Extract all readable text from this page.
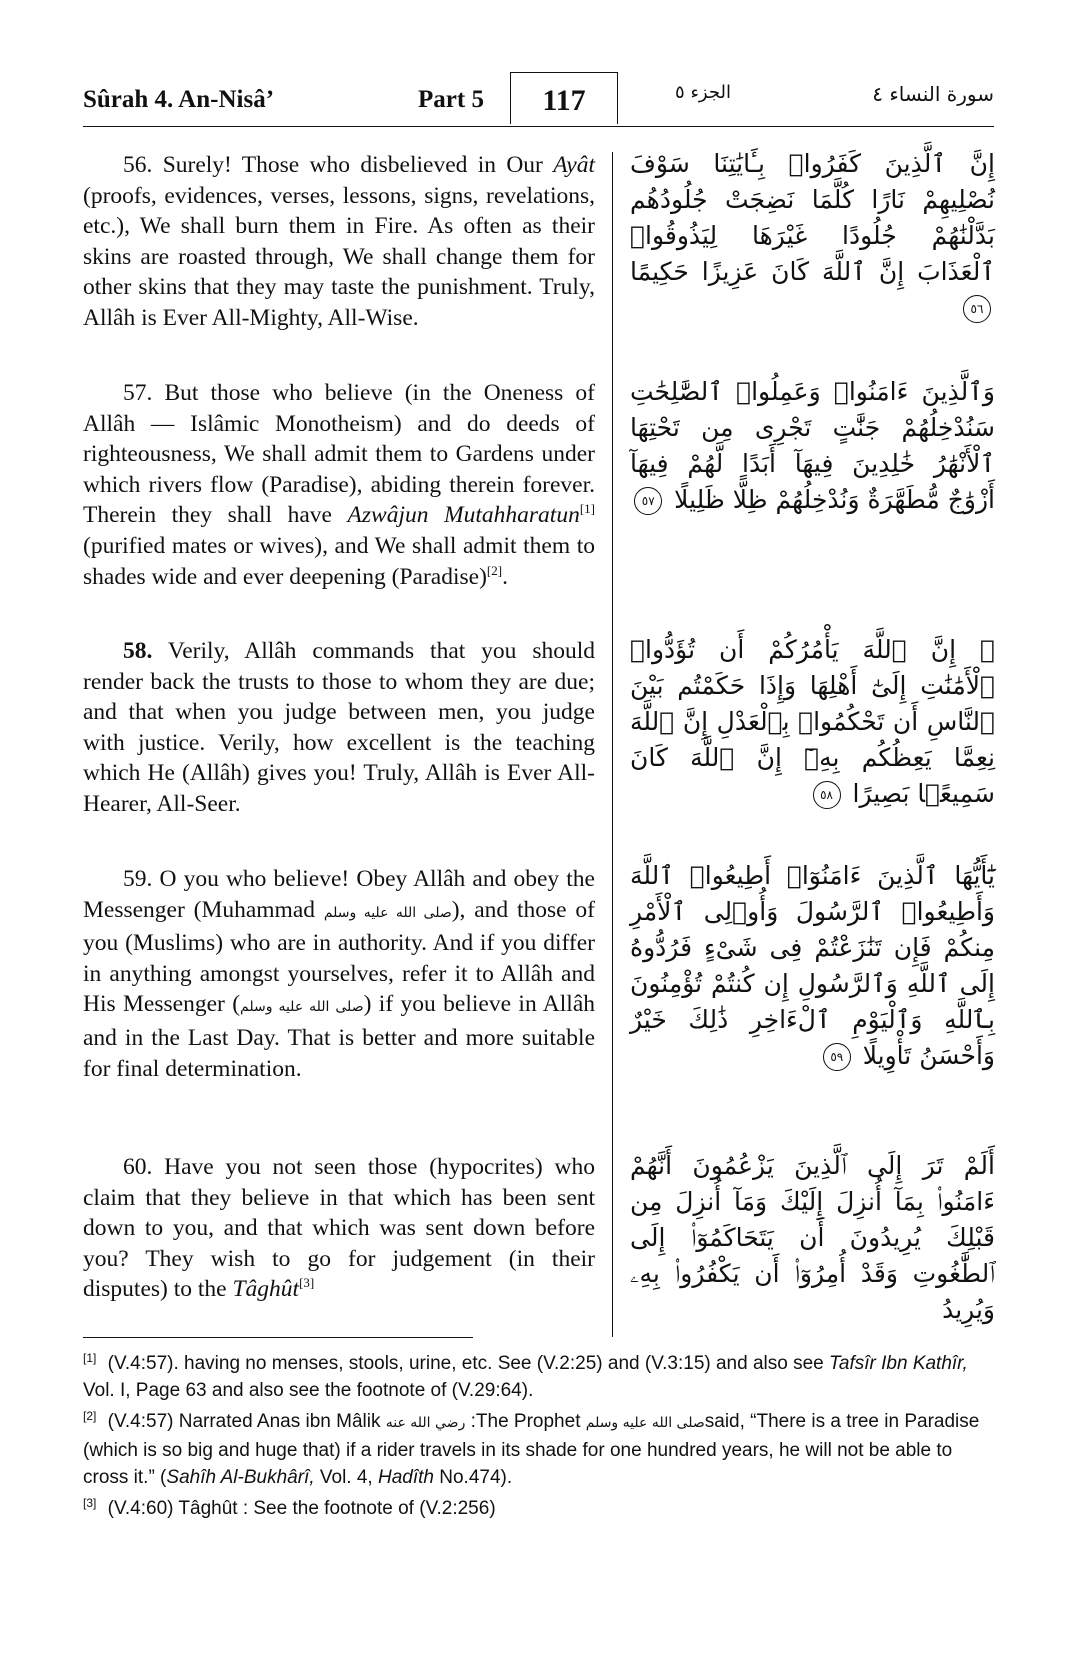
Sûrah 4. An-Nisâ’	Part 5	117	الجزء ٥	سورة النساء ٤
56. Surely! Those who disbelieved in Our Ayât (proofs, evidences, verses, lessons, signs, revelations, etc.), We shall burn them in Fire. As often as their skins are roasted through, We shall change them for other skins that they may taste the punishment. Truly, Allâh is Ever All-Mighty, All-Wise.
57. But those who believe (in the Oneness of Allâh — Islâmic Monotheism) and do deeds of righteousness, We shall admit them to Gardens under which rivers flow (Paradise), abiding therein forever. Therein they shall have Azwâjun Mutahharatun[1] (purified mates or wives), and We shall admit them to shades wide and ever deepening (Paradise)[2].
58. Verily, Allâh commands that you should render back the trusts to those to whom they are due; and that when you judge between men, you judge with justice. Verily, how excellent is the teaching which He (Allâh) gives you! Truly, Allâh is Ever All-Hearer, All-Seer.
59. O you who believe! Obey Allâh and obey the Messenger (Muhammad صلى الله عليه وسلم), and those of you (Muslims) who are in authority. And if you differ in anything amongst yourselves, refer it to Allâh and His Messenger (صلى الله عليه وسلم) if you believe in Allâh and in the Last Day. That is better and more suitable for final determination.
60. Have you not seen those (hypocrites) who claim that they believe in that which has been sent down to you, and that which was sent down before you? They wish to go for judgement (in their disputes) to the Tâghût[3]
إِنَّ ٱلَّذِينَ كَفَرُوا۟ بِـَٔايَٰتِنَا سَوْفَ نُصْلِيهِمْ نَارًا كُلَّمَا نَضِجَتْ جُلُودُهُم بَدَّلْنَٰهُمْ جُلُودًا غَيْرَهَا لِيَذُوقُوا۟ ٱلْعَذَابَ إِنَّ ٱللَّهَ كَانَ عَزِيزًا حَكِيمًا ٥٦
وَٱلَّذِينَ ءَامَنُوا۟ وَعَمِلُوا۟ ٱلصَّٰلِحَٰتِ سَنُدْخِلُهُمْ جَنَّٰتٍ تَجْرِى مِن تَحْتِهَا ٱلْأَنْهَٰرُ خَٰلِدِينَ فِيهَآ أَبَدًا لَّهُمْ فِيهَآ أَزْوَٰجٌ مُّطَهَّرَةٌ وَنُدْخِلُهُمْ ظِلًّا ظَلِيلًا ٥٧
۞ إِنَّ ٱللَّهَ يَأْمُرُكُمْ أَن تُؤَدُّوا۟ ٱلْأَمَٰنَٰتِ إِلَىٰٓ أَهْلِهَا وَإِذَا حَكَمْتُم بَيْنَ ٱلنَّاسِ أَن تَحْكُمُوا۟ بِٱلْعَدْلِ إِنَّ ٱللَّهَ نِعِمَّا يَعِظُكُم بِهِۦٓ إِنَّ ٱللَّهَ كَانَ سَمِيعًۢا بَصِيرًا ٥٨
يَٰٓأَيُّهَا ٱلَّذِينَ ءَامَنُوٓا۟ أَطِيعُوا۟ ٱللَّهَ وَأَطِيعُوا۟ ٱلرَّسُولَ وَأُو۟لِى ٱلْأَمْرِ مِنكُمْ فَإِن تَنَٰزَعْتُمْ فِى شَىْءٍ فَرُدُّوهُ إِلَى ٱللَّهِ وَٱلرَّسُولِ إِن كُنتُمْ تُؤْمِنُونَ بِٱللَّهِ وَٱلْيَوْمِ ٱلْءَاخِرِ ذَٰلِكَ خَيْرٌ وَأَحْسَنُ تَأْوِيلًا ٥٩
أَلَمْ تَرَ إِلَى ٱلَّذِينَ يَزْعُمُونَ أَنَّهُمْ ءَامَنُوا۟ بِمَآ أُنزِلَ إِلَيْكَ وَمَآ أُنزِلَ مِن قَبْلِكَ يُرِيدُونَ أَن يَتَحَاكَمُوٓا۟ إِلَى ٱلطَّٰغُوتِ وَقَدْ أُمِرُوٓا۟ أَن يَكْفُرُوا۟ بِهِۦ وَيُرِيدُ
[1] (V.4:57). having no menses, stools, urine, etc. See (V.2:25) and (V.3:15) and also see Tafsîr Ibn Kathîr, Vol. I, Page 63 and also see the footnote of (V.29:64).
[2] (V.4:57) Narrated Anas ibn Mâlik رضي الله عنه :The Prophet صلى الله عليه وسلمsaid, “There is a tree in Paradise (which is so big and huge that) if a rider travels in its shade for one hundred years, he will not be able to cross it.” (Sahîh Al-Bukhârî, Vol. 4, Hadîth No.474).
[3] (V.4:60) Tâghût : See the footnote of (V.2:256)
